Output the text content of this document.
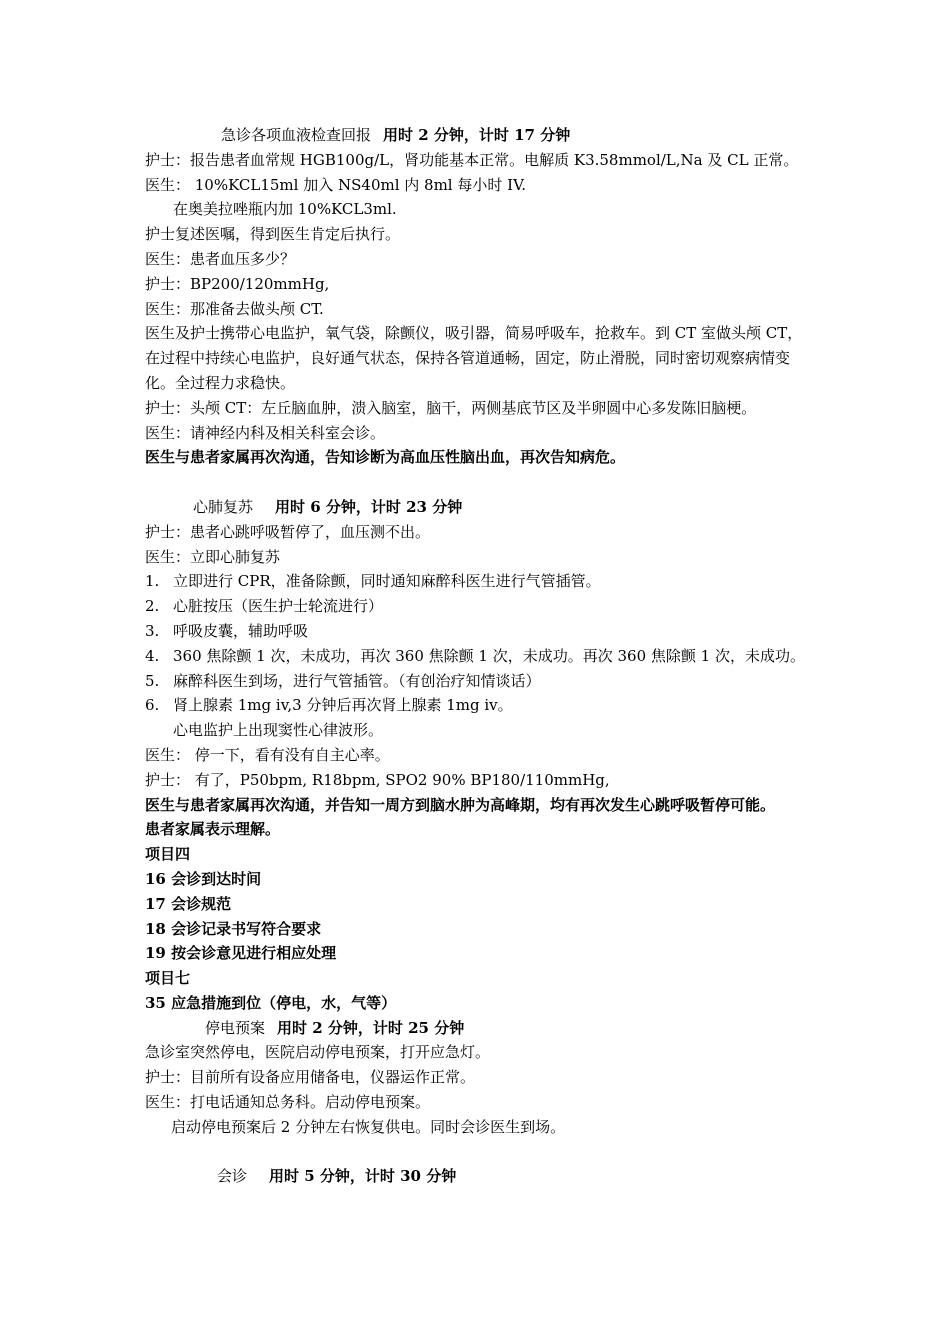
急诊各项血液检查回报 用时 2 分钟，计时 17 分钟

护士：报告患者血常规 HGB100g/L，肾功能基本正常。电解质 K3.58mmol/L,Na 及 CL 正常。

医生： 10%KCL15ml 加入 NS40ml 内 8ml 每小时 IV.

在奥美拉唑瓶内加 10%KCL3ml.

护士复述医嘱，得到医生肯定后执行。

医生：患者血压多少？

护士：BP200/120mmHg,

医生：那准备去做头颅 CT.

医生及护士携带心电监护，氧气袋，除颤仪，吸引器，简易呼吸车，抢救车。到 CT 室做头颅 CT，在过程中持续心电监护，良好通气状态，保持各管道通畅，固定，防止滑脱，同时密切观察病情变化。全过程力求稳快。

护士：头颅 CT：左丘脑血肿，溃入脑室，脑干，两侧基底节区及半卵圆中心多发陈旧脑梗。

医生：请神经内科及相关科室会诊。

医生与患者家属再次沟通，告知诊断为高血压性脑出血，再次告知病危。

心肺复苏 用时 6 分钟，计时 23 分钟

护士：患者心跳呼吸暂停了，血压测不出。

医生：立即心肺复苏

1. 立即进行 CPR，准备除颤，同时通知麻醉科医生进行气管插管。

2. 心脏按压（医生护士轮流进行）

3. 呼吸皮囊，辅助呼吸

4. 360 焦除颤 1 次，未成功，再次 360 焦除颤 1 次，未成功。再次 360 焦除颤 1 次，未成功。

5. 麻醉科医生到场，进行气管插管。（有创治疗知情谈话）

6. 肾上腺素 1mg iv,3 分钟后再次肾上腺素 1mg iv。

心电监护上出现窦性心律波形。

医生： 停一下，看有没有自主心率。

护士： 有了，P50bpm, R18bpm, SPO2 90% BP180/110mmHg,

医生与患者家属再次沟通，并告知一周方到脑水肿为高峰期，均有再次发生心跳呼吸暂停可能。

患者家属表示理解。

项目四

16 会诊到达时间

17 会诊规范

18 会诊记录书写符合要求

19 按会诊意见进行相应处理

项目七

35 应急措施到位（停电，水，气等）

停电预案 用时 2 分钟，计时 25 分钟

急诊室突然停电，医院启动停电预案，打开应急灯。

护士：目前所有设备应用储备电，仪器运作正常。

医生：打电话通知总务科。启动停电预案。

启动停电预案后 2 分钟左右恢复供电。同时会诊医生到场。

会诊 用时 5 分钟，计时 30 分钟
